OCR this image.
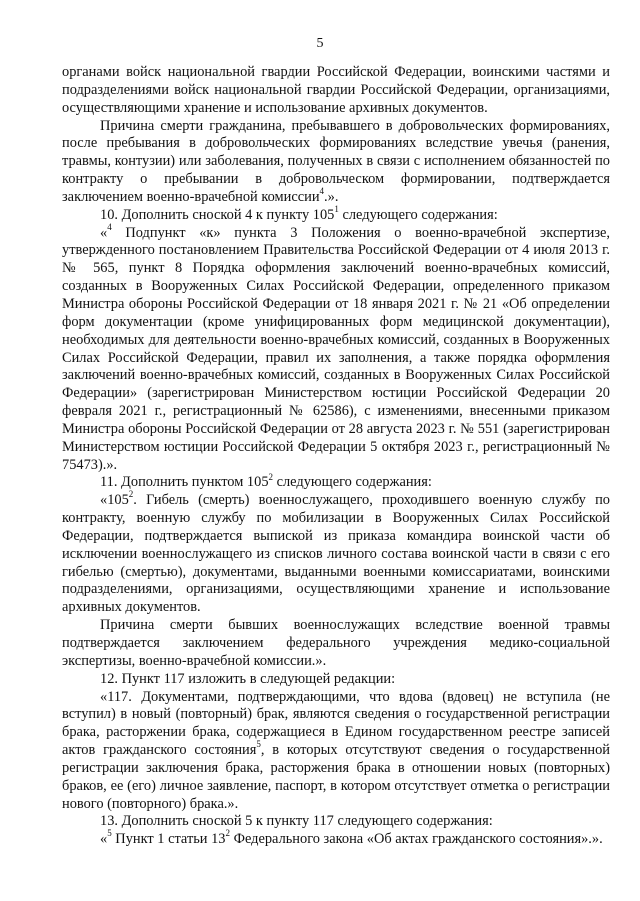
5

органами войск национальной гвардии Российской Федерации, воинскими частями и подразделениями войск национальной гвардии Российской Федерации, организациями, осуществляющими хранение и использование архивных документов.

Причина смерти гражданина, пребывавшего в добровольческих формированиях, после пребывания в добровольческих формированиях вследствие увечья (ранения, травмы, контузии) или заболевания, полученных в связи с исполнением обязанностей по контракту о пребывании в добровольческом формировании, подтверждается заключением военно-врачебной комиссии$^4$.».

10. Дополнить сноской 4 к пункту $105^1$ следующего содержания:

«$^4$ Подпункт «к» пункта 3 Положения о военно-врачебной экспертизе, утвержденного постановлением Правительства Российской Федерации от 4 июля 2013 г. № 565, пункт 8 Порядка оформления заключений военно-врачебных комиссий, созданных в Вооруженных Силах Российской Федерации, определенного приказом Министра обороны Российской Федерации от 18 января 2021 г. № 21 «Об определении форм документации (кроме унифицированных форм медицинской документации), необходимых для деятельности военно-врачебных комиссий, созданных в Вооруженных Силах Российской Федерации, правил их заполнения, а также порядка оформления заключений военно-врачебных комиссий, созданных в Вооруженных Силах Российской Федерации» (зарегистрирован Министерством юстиции Российской Федерации 20 февраля 2021 г., регистрационный № 62586), с изменениями, внесенными приказом Министра обороны Российской Федерации от 28 августа 2023 г. № 551 (зарегистрирован Министерством юстиции Российской Федерации 5 октября 2023 г., регистрационный № 75473).».

11. Дополнить пунктом $105^2$ следующего содержания:

«$105^2$. Гибель (смерть) военнослужащего, проходившего военную службу по контракту, военную службу по мобилизации в Вооруженных Силах Российской Федерации, подтверждается выпиской из приказа командира воинской части об исключении военнослужащего из списков личного состава воинской части в связи с его гибелью (смертью), документами, выданными военными комиссариатами, воинскими подразделениями, организациями, осуществляющими хранение и использование архивных документов.

Причина смерти бывших военнослужащих вследствие военной травмы подтверждается заключением федерального учреждения медико-социальной экспертизы, военно-врачебной комиссии.».

12. Пункт 117 изложить в следующей редакции:

«117. Документами, подтверждающими, что вдова (вдовец) не вступила (не вступил) в новый (повторный) брак, являются сведения о государственной регистрации брака, расторжении брака, содержащиеся в Едином государственном реестре записей актов гражданского состояния$^5$, в которых отсутствуют сведения о государственной регистрации заключения брака, расторжения брака в отношении новых (повторных) браков, ее (его) личное заявление, паспорт, в котором отсутствует отметка о регистрации нового (повторного) брака.».

13. Дополнить сноской 5 к пункту 117 следующего содержания:

«$^5$ Пункт 1 статьи $13^2$ Федерального закона «Об актах гражданского состояния».».
